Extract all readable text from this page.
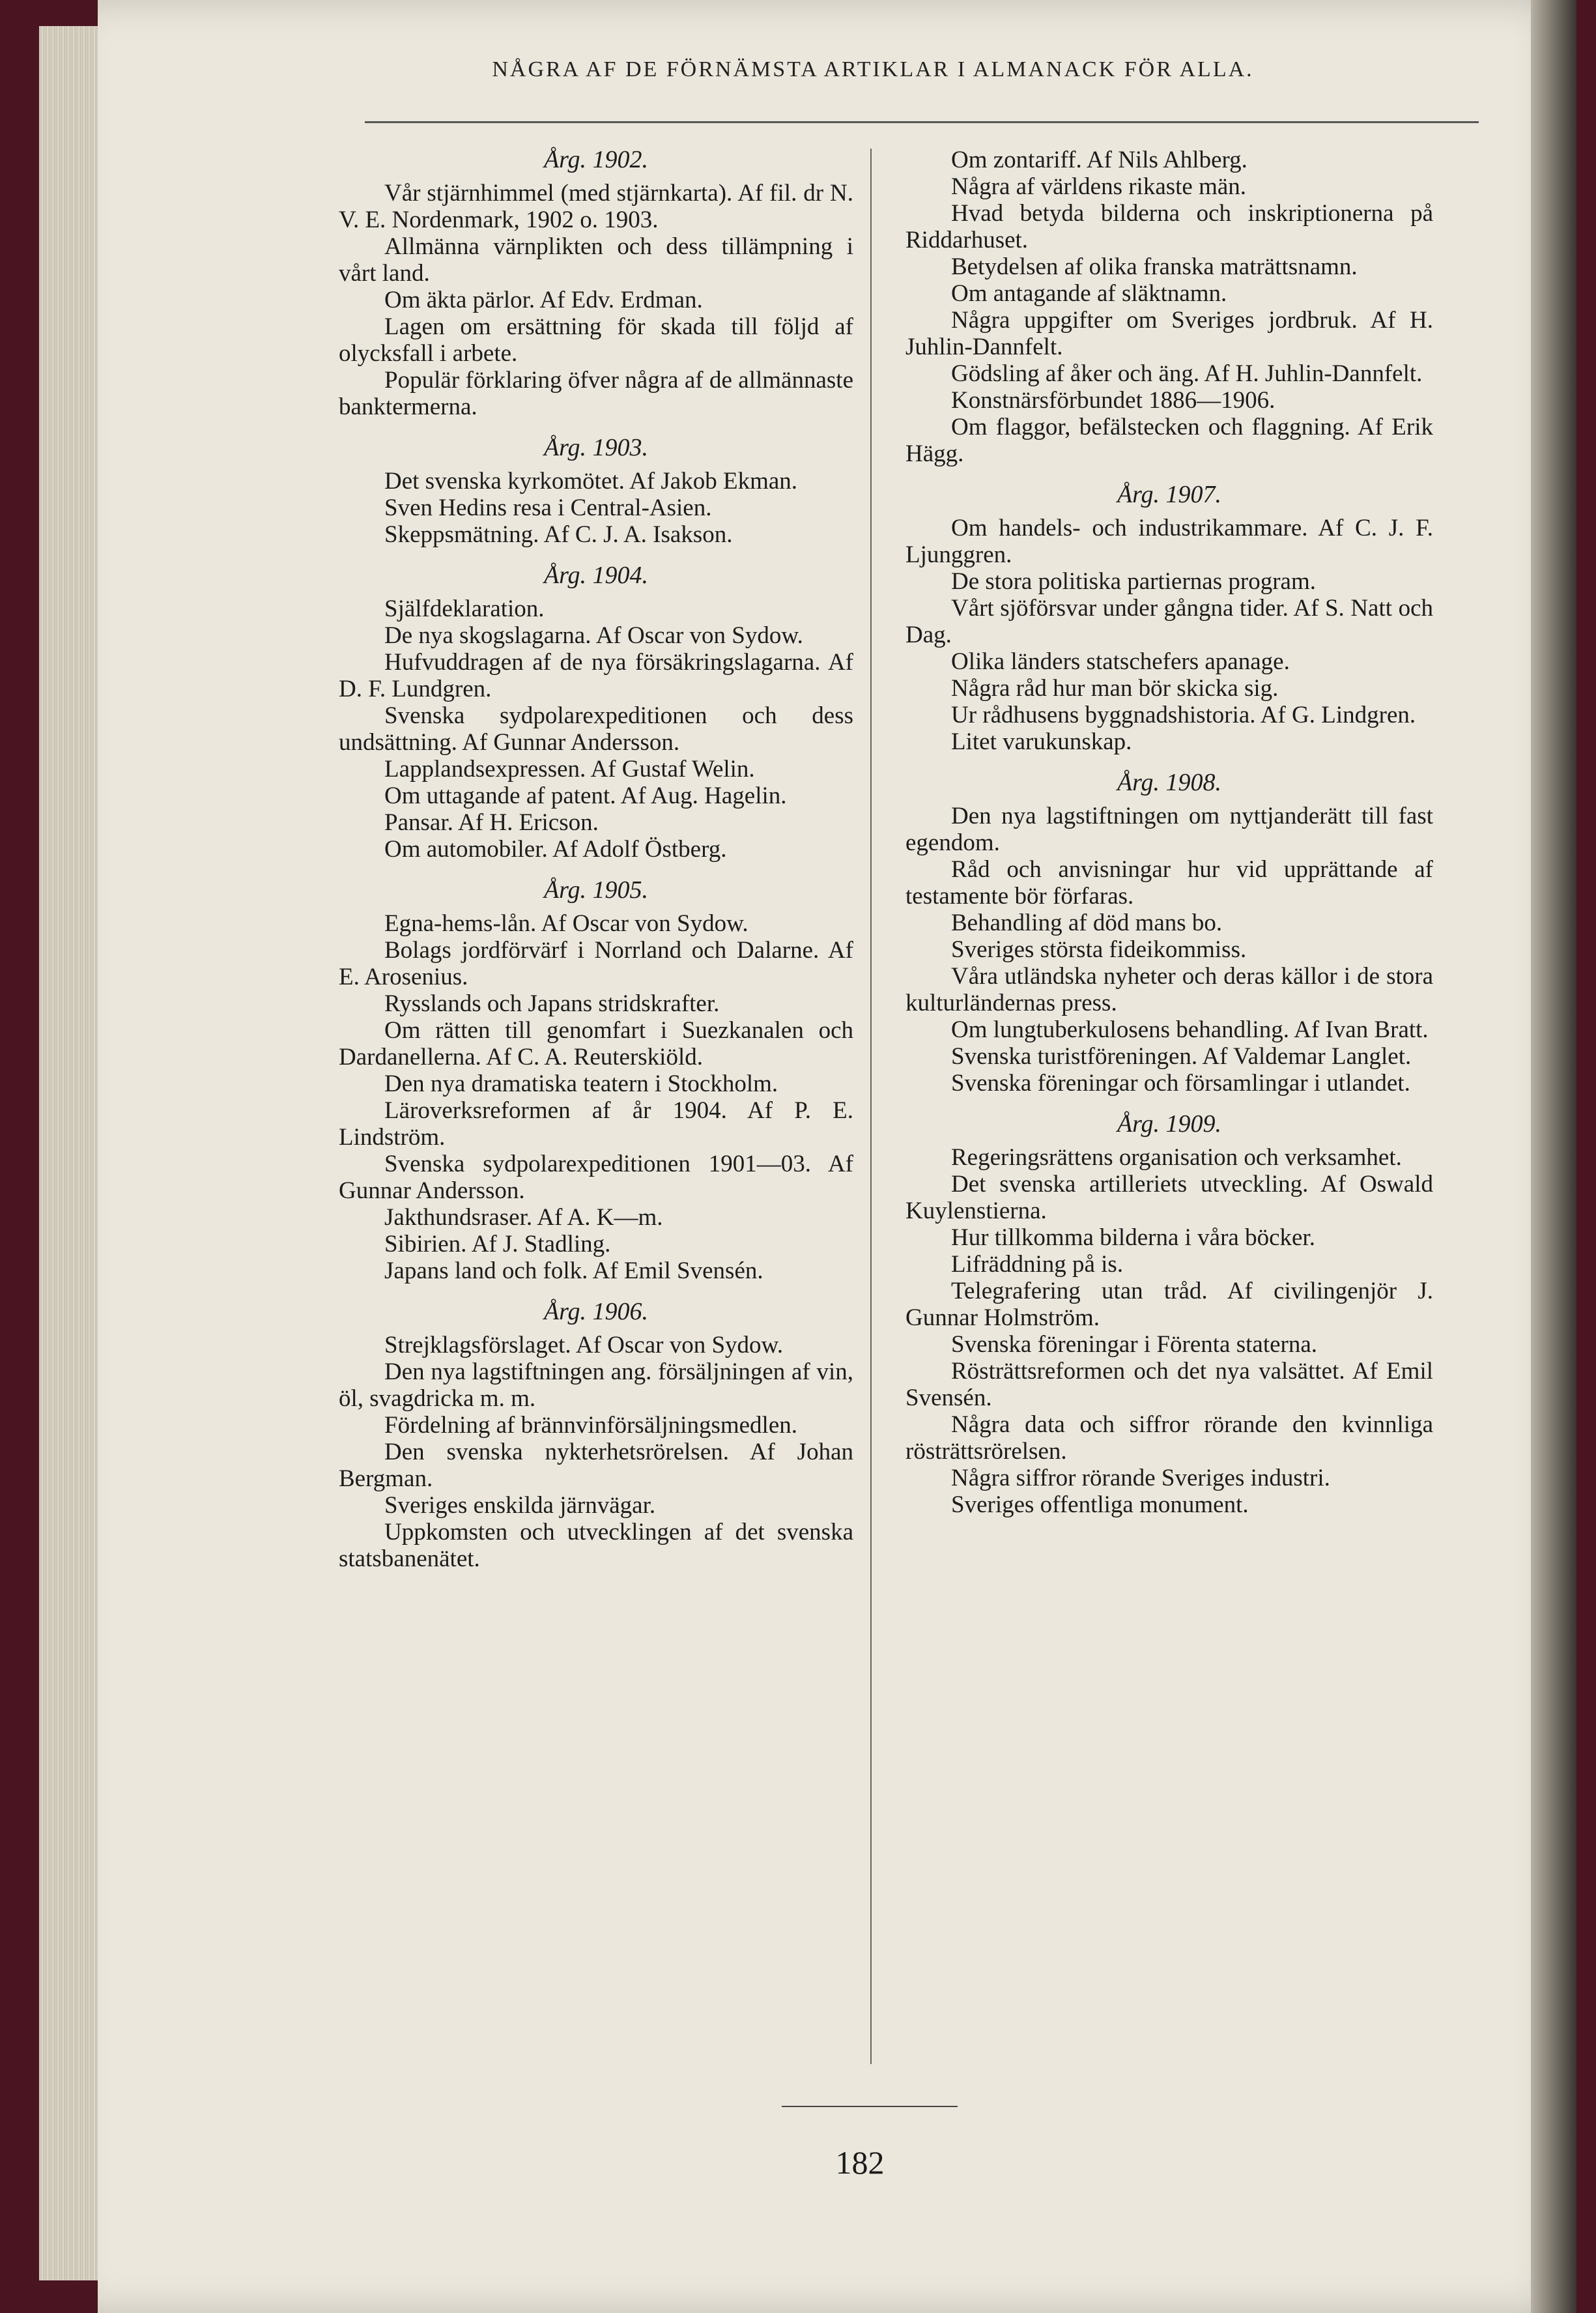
NÅGRA AF DE FÖRNÄMSTA ARTIKLAR I ALMANACK FÖR ALLA.
Årg. 1902.

Vår stjärnhimmel (med stjärnkarta). Af fil. dr N. V. E. Nordenmark, 1902 o. 1903.

Allmänna värnplikten och dess tillämpning i vårt land.

Om äkta pärlor. Af Edv. Erdman.

Lagen om ersättning för skada till följd af olycksfall i arbete.

Populär förklaring öfver några af de allmännaste banktermerna.

Årg. 1903.

Det svenska kyrkomötet. Af Jakob Ekman.

Sven Hedins resa i Central-Asien.

Skeppsmätning. Af C. J. A. Isakson.

Årg. 1904.

Själfdeklaration.

De nya skogslagarna. Af Oscar von Sydow.

Hufvuddragen af de nya försäkringslagarna. Af D. F. Lundgren.

Svenska sydpolarexpeditionen och dess undsättning. Af Gunnar Andersson.

Lapplandsexpressen. Af Gustaf Welin.

Om uttagande af patent. Af Aug. Hagelin.

Pansar. Af H. Ericson.

Om automobiler. Af Adolf Östberg.

Årg. 1905.

Egna-hems-lån. Af Oscar von Sydow.

Bolags jordförvärf i Norrland och Dalarne. Af E. Arosenius.

Rysslands och Japans stridskrafter.

Om rätten till genomfart i Suezkanalen och Dardanellerna. Af C. A. Reuterskiöld.

Den nya dramatiska teatern i Stockholm.

Läroverksreformen af år 1904. Af P. E. Lindström.

Svenska sydpolarexpeditionen 1901—03. Af Gunnar Andersson.

Jakthundsraser. Af A. K—m.

Sibirien. Af J. Stadling.

Japans land och folk. Af Emil Svensén.

Årg. 1906.

Strejklagsförslaget. Af Oscar von Sydow.

Den nya lagstiftningen ang. försäljningen af vin, öl, svagdricka m. m.

Fördelning af brännvinförsäljningsmedlen.

Den svenska nykterhetsrörelsen. Af Johan Bergman.

Sveriges enskilda järnvägar.

Uppkomsten och utvecklingen af det svenska statsbanenätet.

Om zontariff. Af Nils Ahlberg.

Några af världens rikaste män.

Hvad betyda bilderna och inskriptionerna på Riddarhuset.

Betydelsen af olika franska maträttsnamn.

Om antagande af släktnamn.

Några uppgifter om Sveriges jordbruk. Af H. Juhlin-Dannfelt.

Gödsling af åker och äng. Af H. Juhlin-Dannfelt.

Konstnärsförbundet 1886—1906.

Om flaggor, befälstecken och flaggning. Af Erik Hägg.

Årg. 1907.

Om handels- och industrikammare. Af C. J. F. Ljunggren.

De stora politiska partiernas program.

Vårt sjöförsvar under gångna tider. Af S. Natt och Dag.

Olika länders statschefers apanage.

Några råd hur man bör skicka sig.

Ur rådhusens byggnadshistoria. Af G. Lindgren.

Litet varukunskap.

Årg. 1908.

Den nya lagstiftningen om nyttjanderätt till fast egendom.

Råd och anvisningar hur vid upprättande af testamente bör förfaras.

Behandling af död mans bo.

Sveriges största fideikommiss.

Våra utländska nyheter och deras källor i de stora kulturländernas press.

Om lungtuberkulosens behandling. Af Ivan Bratt.

Svenska turistföreningen. Af Valdemar Langlet.

Svenska föreningar och församlingar i utlandet.

Årg. 1909.

Regeringsrättens organisation och verksamhet.

Det svenska artilleriets utveckling. Af Oswald Kuylenstierna.

Hur tillkomma bilderna i våra böcker.

Lifräddning på is.

Telegrafering utan tråd. Af civilingenjör J. Gunnar Holmström.

Svenska föreningar i Förenta staterna.

Rösträttsreformen och det nya valsättet. Af Emil Svensén.

Några data och siffror rörande den kvinnliga rösträttsrörelsen.

Några siffror rörande Sveriges industri.

Sveriges offentliga monument.

182
